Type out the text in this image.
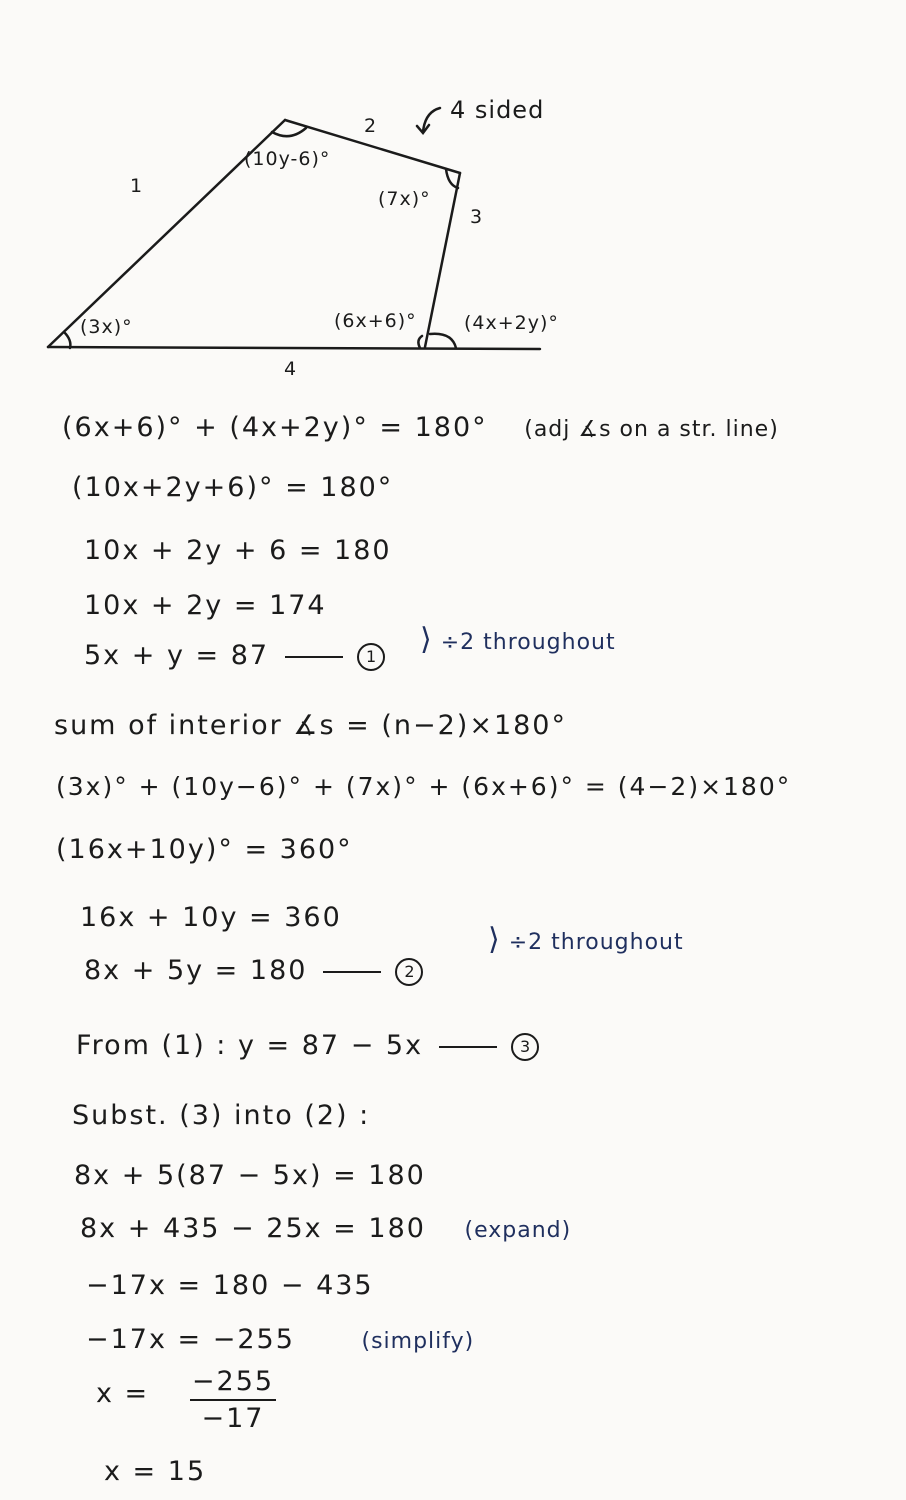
4 sided
1
2
3
4
(3x)°
(10y-6)°
(7x)°
(6x+6)° (4x+2y)°
(6x+6)° + (4x+2y)° = 180° (adj ∡s on a str. line)
(10x+2y+6)° = 180°
10x + 2y + 6 = 180
10x + 2y = 174
5x + y = 87	1 ⟩ ÷2 throughout
sum of interior ∡s = (n−2)×180°
(3x)° + (10y−6)° + (7x)° + (6x+6)° = (4−2)×180°
(16x+10y)° = 360°
16x + 10y = 360
8x + 5y = 180	2
⟩ ÷2 throughout
From (1) : y = 87 − 5x	3
Subst. (3) into (2) :
8x + 5(87 − 5x) = 180
8x + 435 − 25x = 180 (expand)
−17x = 180 − 435
−17x = −255	(simplify)
x = −255
−17
x = 15
